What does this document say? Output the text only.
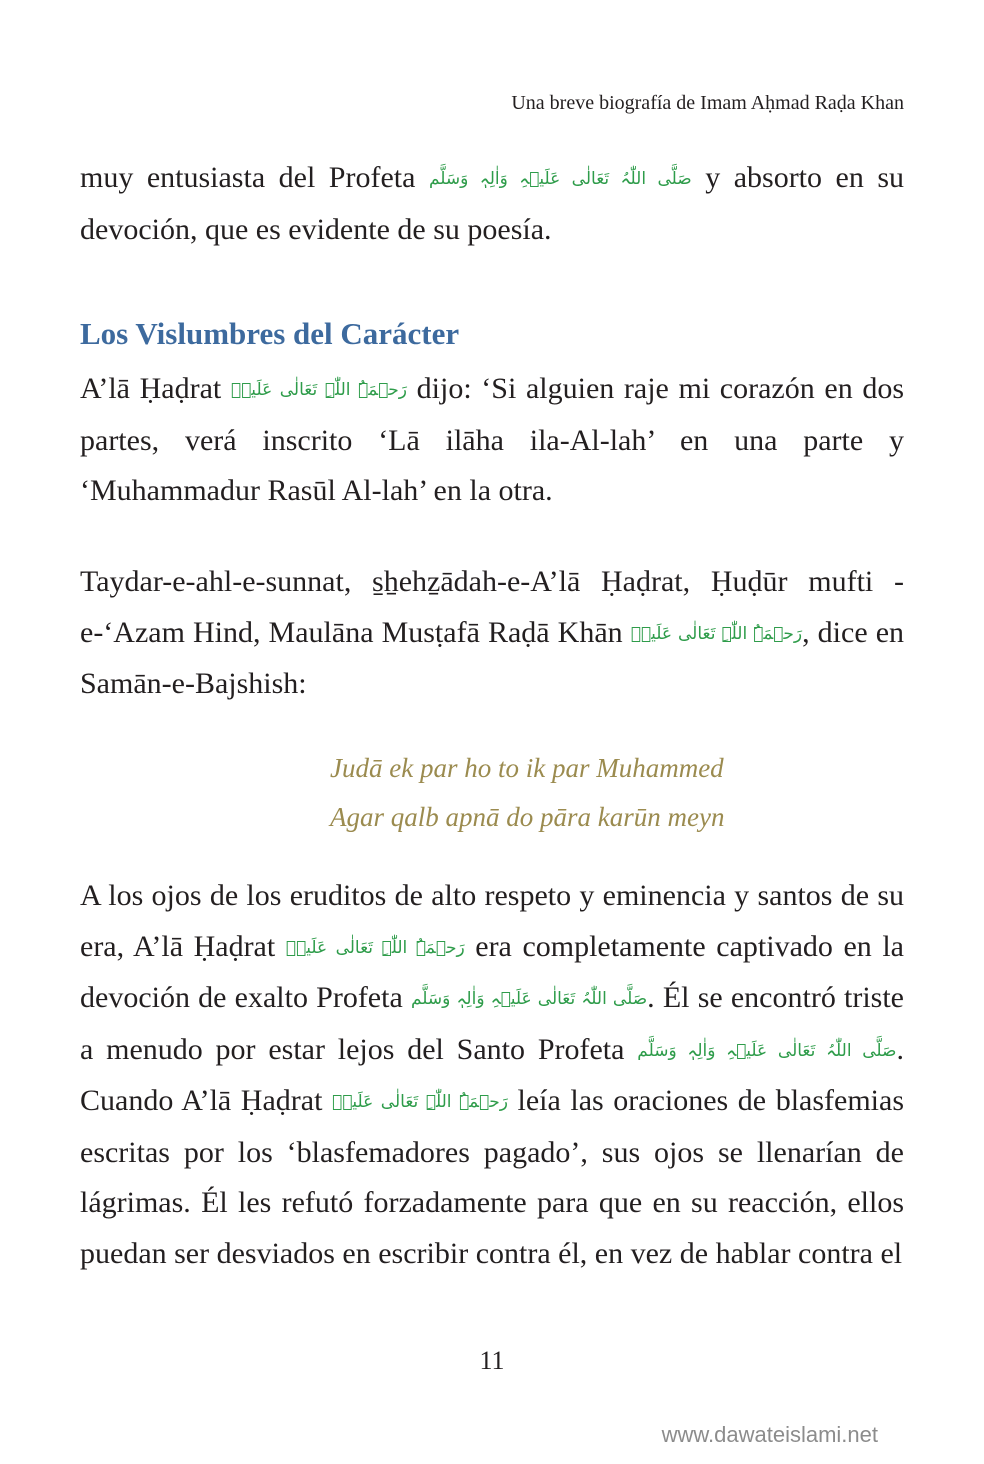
Una breve biografía de Imam Aḥmad Raḍa Khan

muy entusiasta del Profeta صَلَّی اللّٰہُ تَعَالٰی عَلَیۡہِ وَاٰلِہٖ وَسَلَّم y absorto en su devoción, que es evidente de su poesía.

Los Vislumbres del Carácter

A’lā Ḥaḍrat رَحۡمَۃُ اللّٰہِ تَعَالٰی عَلَیۡہ dijo: ‘Si alguien raje mi corazón en dos partes, verá inscrito ‘Lā ilāha ila-Al-lah’ en una parte y ‘Muhammadur Rasūl Al-lah’ en la otra.

Taydar-e-ahl-e-sunnat, s̱ẖehẕādah-e-A’lā Ḥaḍrat, Ḥuḍūr mufti -e-‘Azam Hind, Maulāna Musṭafā Raḍā Khān رَحۡمَۃُ اللّٰہِ تَعَالٰی عَلَیۡہ, dice en Samān-e-Bajshish:

Judā ek par ho to ik par Muhammed
Agar qalb apnā do pāra karūn meyn

A los ojos de los eruditos de alto respeto y eminencia y santos de su era, A’lā Ḥaḍrat رَحۡمَۃُ اللّٰہِ تَعَالٰی عَلَیۡہ era completamente captivado en la devoción de exalto Profeta صَلَّی اللّٰہُ تَعَالٰی عَلَیۡہِ وَاٰلِہٖ وَسَلَّم. Él se encontró triste a menudo por estar lejos del Santo Profeta صَلَّی اللّٰہُ تَعَالٰی عَلَیۡہِ وَاٰلِہٖ وَسَلَّم. Cuando A’lā Ḥaḍrat رَحۡمَۃُ اللّٰہِ تَعَالٰی عَلَیۡہ leía las oraciones de blasfemias escritas por los ‘blasfemadores pagado’, sus ojos se llenarían de lágrimas. Él les refutó forzadamente para que en su reacción, ellos puedan ser desviados en escribir contra él, en vez de hablar contra el

11
www.dawateislami.net
